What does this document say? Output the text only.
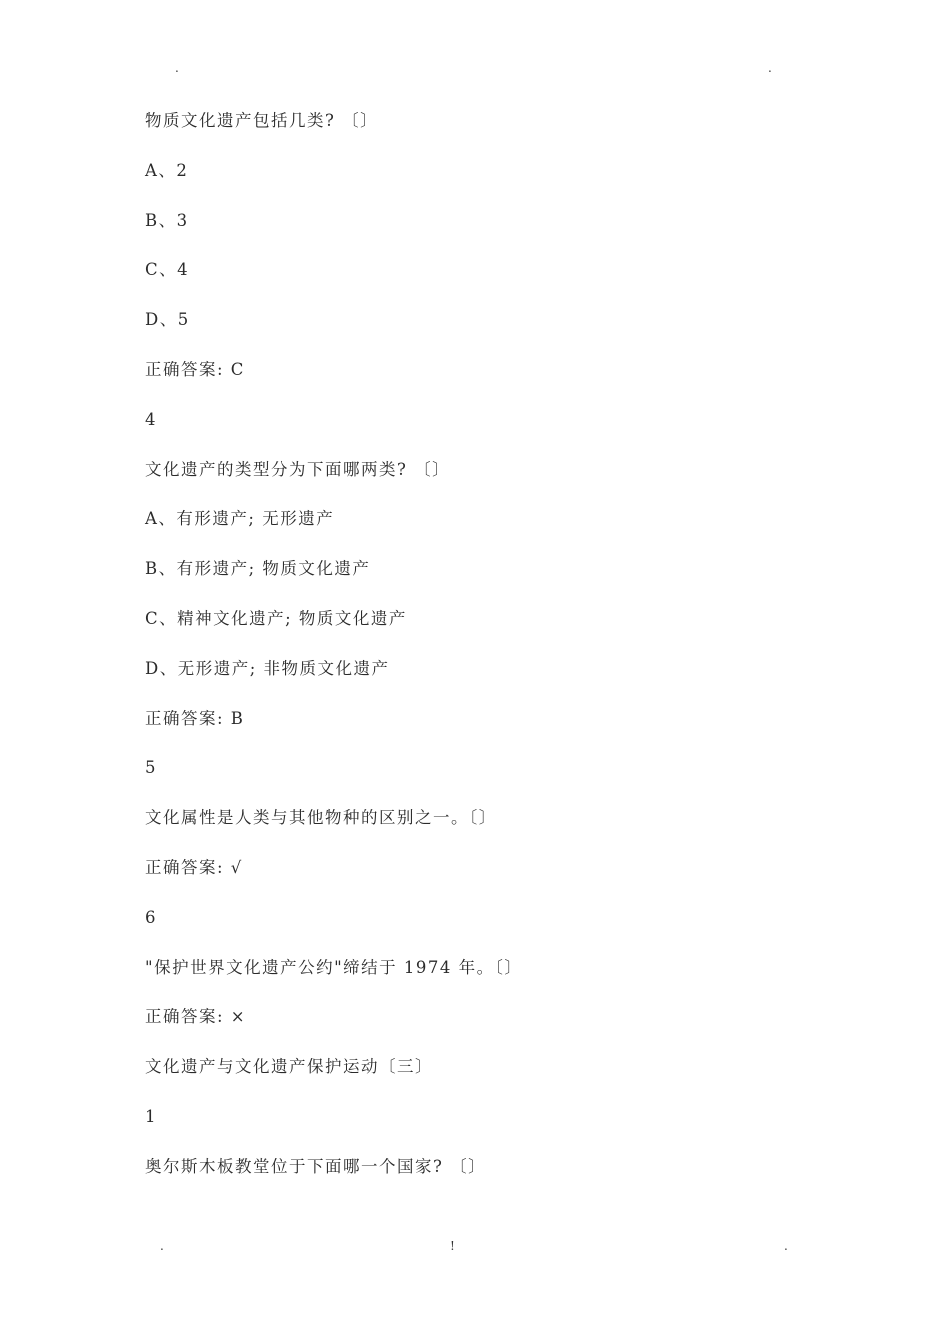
.	.
物质文化遗产包括几类? 〔〕
A、2
B、3
C、4
D、5
正确答案: C
4
文化遗产的类型分为下面哪两类? 〔〕
A、有形遗产; 无形遗产
B、有形遗产; 物质文化遗产
C、精神文化遗产; 物质文化遗产
D、无形遗产; 非物质文化遗产
正确答案: B
5
文化属性是人类与其他物种的区别之一。〔〕
正确答案: √
6
"保护世界文化遗产公约"缔结于 1974 年。〔〕
正确答案: ×
文化遗产与文化遗产保护运动〔三〕
1
奥尔斯木板教堂位于下面哪一个国家? 〔〕
.	!	.
